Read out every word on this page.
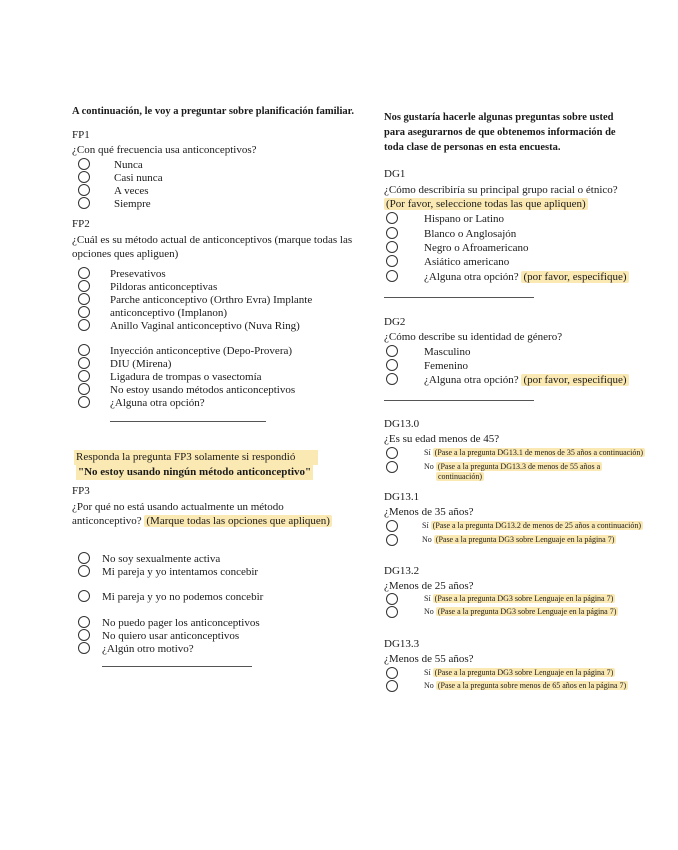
A continuación, le voy a preguntar sobre planificación familiar.
FP1
¿Con qué frecuencia usa anticonceptivos?
Nunca
Casi nunca
A veces
Siempre
FP2
¿Cuál es su método actual de anticonceptivos (marque todas las
opciones ques apliguen)
Presevativos
Pildoras anticonceptivas
Parche anticonceptivo (Orthro Evra) Implante
anticonceptivo (Implanon)
Anillo Vaginal anticonceptivo (Nuva Ring)
Inyección anticonceptive (Depo-Provera)
DIU (Mirena)
Ligadura de trompas o vasectomía
No estoy usando métodos anticonceptivos
¿Alguna otra opción?
Responda la pregunta FP3 solamente si respondió
"No estoy usando ningún método anticonceptivo"
FP3
¿Por qué no está usando actualmente un método
anticonceptivo? (Marque todas las opciones que apliquen)
No soy sexualmente activa
Mi pareja y yo intentamos concebir
Mi pareja y yo no podemos concebir
No puedo pager los anticonceptivos
No quiero usar anticonceptivos
¿Algún otro motivo?
Nos gustaría hacerle algunas preguntas sobre usted
para asegurarnos de que obtenemos información de
toda clase de personas en esta encuesta.
DG1
¿Cómo describiría su principal grupo racial o étnico?
(Por favor, seleccione todas las que apliquen)
Hispano or Latino
Blanco o Anglosajón
Negro o Afroamericano
Asiático americano
¿Alguna otra opción? (por favor, especifique)
DG2
¿Cómo describe su identidad de género?
Masculino
Femenino
¿Alguna otra opción? (por favor, especifique)
DG13.0
¿Es su edad menos de 45?
Sí (Pase a la pregunta DG13.1 de menos de 35 años a continuación)
No (Pase a la pregunta DG13.3 de menos de 55 años a
continuación)
DG13.1
¿Menos de 35 años?
Sí (Pase a la pregunta DG13.2 de menos de 25 años a continuación)
No (Pase a la pregunta DG3 sobre Lenguaje en la página 7)
DG13.2
¿Menos de 25 años?
Sí (Pase a la pregunta DG3 sobre Lenguaje en la página 7)
No (Pase a la pregunta DG3 sobre Lenguaje en la página 7)
DG13.3
¿Menos de 55 años?
Sí (Pase a la pregunta DG3 sobre Lenguaje en la página 7)
No (Pase a la pregunta sobre menos de 65 años en la página 7)
